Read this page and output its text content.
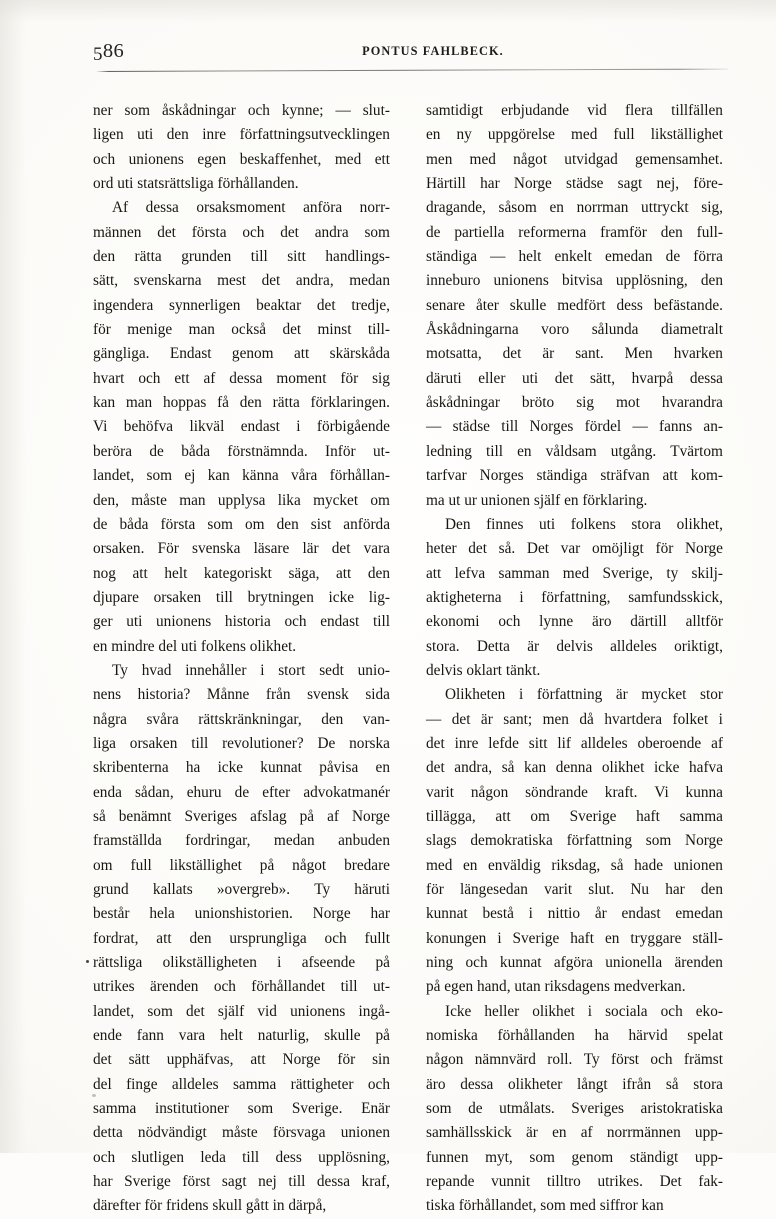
586	PONTUS FAHLBECK.

ner som åskådningar och kynne; — slut-
ligen uti den inre författningsutvecklingen
och unionens egen beskaffenhet, med ett
ord uti statsrättsliga förhållanden.

Af dessa orsaksmoment anföra norr-
männen det första och det andra som
den rätta grunden till sitt handlings-
sätt, svenskarna mest det andra, medan
ingendera synnerligen beaktar det tredje,
för menige man också det minst till-
gängliga. Endast genom att skärskåda
hvart och ett af dessa moment för sig
kan man hoppas få den rätta förklaringen.
Vi behöfva likväl endast i förbigående
beröra de båda förstnämnda. Inför ut-
landet, som ej kan känna våra förhållan-
den, måste man upplysa lika mycket om
de båda första som om den sist anförda
orsaken. För svenska läsare lär det vara
nog att helt kategoriskt säga, att den
djupare orsaken till brytningen icke lig-
ger uti unionens historia och endast till
en mindre del uti folkens olikhet.

Ty hvad innehåller i stort sedt unio-
nens historia? Månne från svensk sida
några svåra rättskränkningar, den van-
liga orsaken till revolutioner? De norska
skribenterna ha icke kunnat påvisa en
enda sådan, ehuru de efter advokatmanér
så benämnt Sveriges afslag på af Norge
framställda fordringar, medan anbuden
om full likställighet på något bredare
grund kallats »overgreb». Ty häruti
består hela unionshistorien. Norge har
fordrat, att den ursprungliga och fullt
rättsliga olikställigheten i afseende på
utrikes ärenden och förhållandet till ut-
landet, som det själf vid unionens ingå-
ende fann vara helt naturlig, skulle på
det sätt upphäfvas, att Norge för sin
del finge alldeles samma rättigheter och
samma institutioner som Sverige. Enär
detta nödvändigt måste försvaga unionen
och slutligen leda till dess upplösning,
har Sverige först sagt nej till dessa kraf,
därefter för fridens skull gått in därpå,

samtidigt erbjudande vid flera tillfällen
en ny uppgörelse med full likställighet
men med något utvidgad gemensamhet.
Härtill har Norge städse sagt nej, före-
dragande, såsom en norrman uttryckt sig,
de partiella reformerna framför den full-
ständiga — helt enkelt emedan de förra
inneburo unionens bitvisa upplösning, den
senare åter skulle medfört dess befästande.
Åskådningarna voro sålunda diametralt
motsatta, det är sant. Men hvarken
däruti eller uti det sätt, hvarpå dessa
åskådningar bröto sig mot hvarandra
— städse till Norges fördel — fanns an-
ledning till en våldsam utgång. Tvärtom
tarfvar Norges ständiga sträfvan att kom-
ma ut ur unionen själf en förklaring.

Den finnes uti folkens stora olikhet,
heter det så. Det var omöjligt för Norge
att lefva samman med Sverige, ty skilj-
aktigheterna i författning, samfundsskick,
ekonomi och lynne äro därtill alltför
stora. Detta är delvis alldeles oriktigt,
delvis oklart tänkt.

Olikheten i författning är mycket stor
— det är sant; men då hvartdera folket i
det inre lefde sitt lif alldeles oberoende af
det andra, så kan denna olikhet icke hafva
varit någon söndrande kraft. Vi kunna
tillägga, att om Sverige haft samma
slags demokratiska författning som Norge
med en enväldig riksdag, så hade unionen
för längesedan varit slut. Nu har den
kunnat bestå i nittio år endast emedan
konungen i Sverige haft en tryggare ställ-
ning och kunnat afgöra unionella ärenden
på egen hand, utan riksdagens medverkan.

Icke heller olikhet i sociala och eko-
nomiska förhållanden ha härvid spelat
någon nämnvärd roll. Ty först och främst
äro dessa olikheter långt ifrån så stora
som de utmålats. Sveriges aristokratiska
samhällsskick är en af norrmännen upp-
funnen myt, som genom ständigt upp-
repande vunnit tilltro utrikes. Det fak-
tiska förhållandet, som med siffror kan
